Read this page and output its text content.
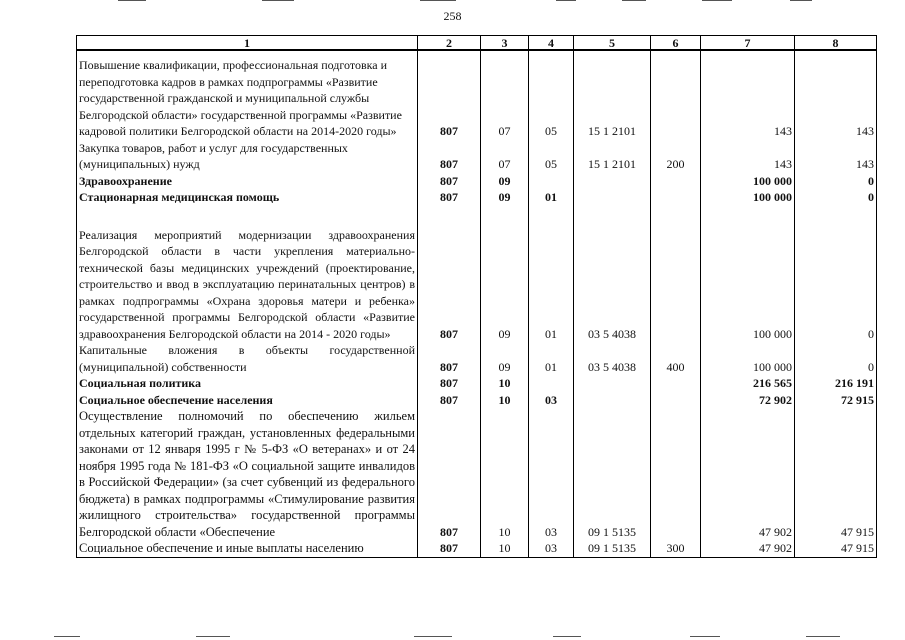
258
1	2	3	4	5	6	7	8
Повышение квалификации, профессиональная подготовка и переподготовка кадров в рамках подпрограммы «Развитие государственной гражданской и муниципальной службы Белгородской области» государственной программы «Развитие кадровой политики Белгородской области на 2014-2020 годы»	807	07	05	15 1 2101		143	143
Закупка товаров, работ и услуг для государственных (муниципальных) нужд	807	07	05	15 1 2101	200	143	143
Здравоохранение	807	09				100 000	0
Стационарная медицинская помощь	807	09	01			100 000	0
Реализация мероприятий модернизации здравоохранения Белгородской области в части укрепления материально-технической базы медицинских учреждений (проектирование, строительство и ввод в эксплуатацию перинатальных центров) в рамках подпрограммы «Охрана здоровья матери и ребенка» государственной программы Белгородской области «Развитие здравоохранения Белгородской области на 2014 - 2020 годы»	807	09	01	03 5 4038		100 000	0
Капитальные вложения в объекты государственной (муниципальной) собственности	807	09	01	03 5 4038	400	100 000	0
Социальная политика	807	10				216 565	216 191
Социальное обеспечение населения	807	10	03			72 902	72 915
Осуществление полномочий по обеспечению жильем отдельных категорий граждан, установленных федеральными законами от 12 января 1995 г № 5-ФЗ «О ветеранах» и от 24 ноября 1995 года № 181-ФЗ «О социальной защите инвалидов в Российской Федерации» (за счет субвенций из федерального бюджета) в рамках подпрограммы «Стимулирование развития жилищного строительства» государственной программы Белгородской области «Обеспечение	807	10	03	09 1 5135		47 902	47 915
Социальное обеспечение и иные выплаты населению	807	10	03	09 1 5135	300	47 902	47 915
